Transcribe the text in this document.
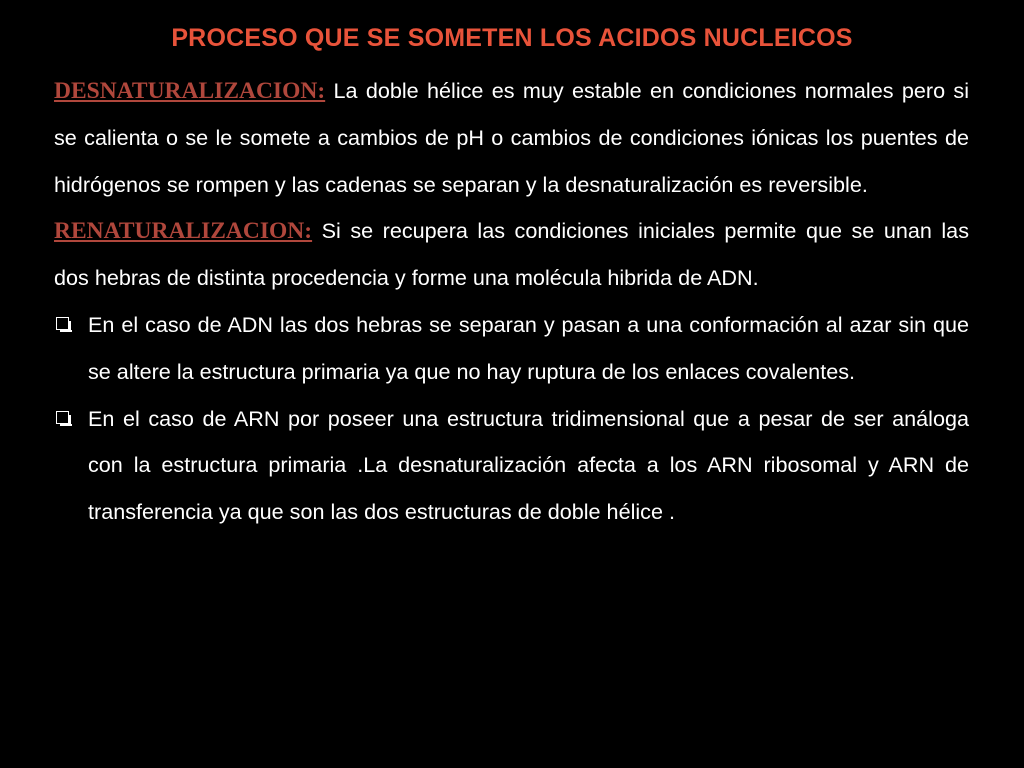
PROCESO QUE SE SOMETEN LOS ACIDOS NUCLEICOS

DESNATURALIZACION: La doble hélice es muy estable en condiciones normales pero si se calienta o se le somete a cambios de pH o cambios de condiciones iónicas los puentes de hidrógenos se rompen y las cadenas se separan y la desnaturalización es reversible.

RENATURALIZACION: Si se recupera las condiciones iniciales permite que se unan las dos hebras de distinta procedencia y forme una molécula hibrida de ADN.

En el caso de ADN las dos hebras se separan y pasan a una conformación al azar sin que se altere la estructura primaria ya que no hay ruptura de los enlaces covalentes.
En el caso de ARN por poseer una estructura tridimensional que a pesar de ser análoga con la estructura primaria .La desnaturalización afecta a los ARN ribosomal y ARN de transferencia ya que son las dos estructuras de doble hélice .
